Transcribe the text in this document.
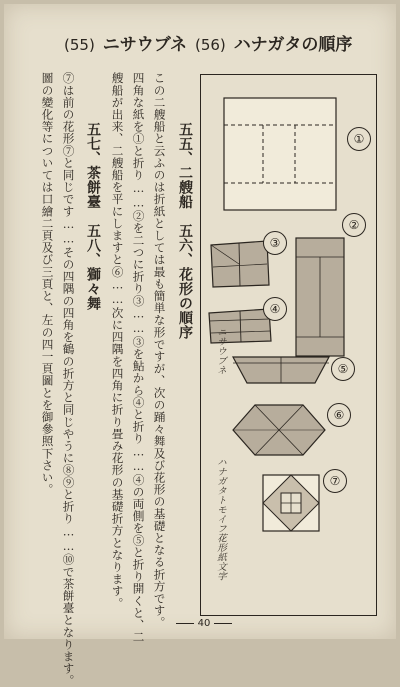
(55) ニサウブネ (56) ハナガタの順序
五五、二艘船　五六、花形の順序
この二艘船と云ふのは折紙としては最も簡単な形ですが、次の踊々舞及び花形の基礎となる折方です。
四角な紙を①と折り……②を二つに折り③……③を鮎から④と折り……④の両側を⑤と折り開くと、二
艘船が出来、二艘船を平にしますと⑥……次に四隅を四角に折り畳み花形の基礎折方となります。
五七、茶餅臺　五八、獅々舞
⑦は前の花形⑦と同じです……その四隅の四角を鶴の折方と同じやうに⑧⑨と折り……⑩で茶餅臺となります。
圖の變化等については口繪二頁及び三頁と、左の四一頁圖とを御參照下さい。	①
②
③
④
⑤
ニサウブネ
⑥
⑦
ハナガタトモイフ花形紙文字
40
